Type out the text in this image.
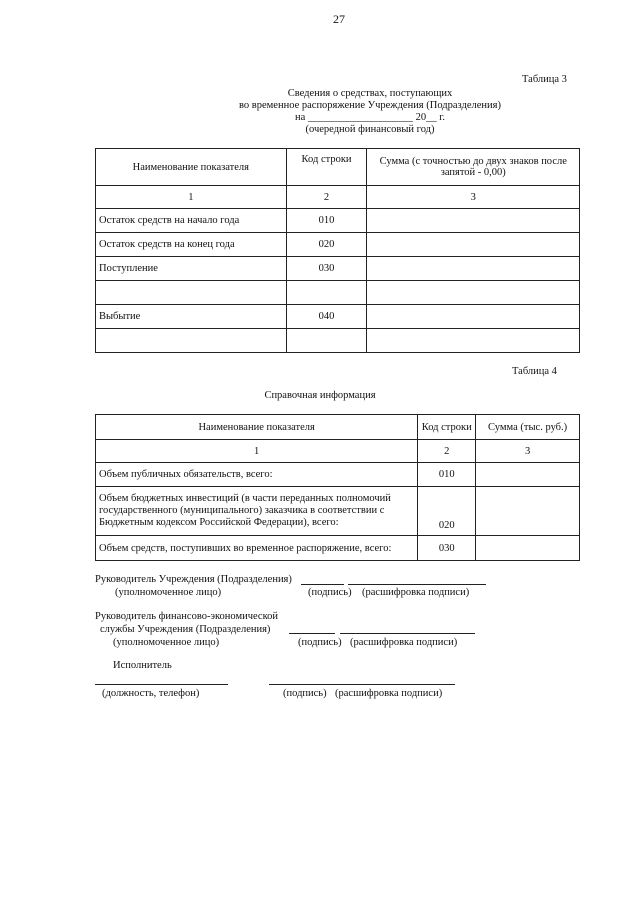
27
Таблица 3
Сведения о средствах, поступающих
во временное распоряжение Учреждения (Подразделения)
на ____________________ 20__ г.
(очередной финансовый год)
Наименование показателя	Код строки	Сумма (с точностью до двух знаков после запятой - 0,00)
1	2	3
Остаток средств на начало года	010	
Остаток средств на конец года	020	
Поступление	030	

Выбытие	040	

Таблица 4
Справочная информация
Наименование показателя	Код строки	Сумма (тыс. руб.)
1	2	3
Объем публичных обязательств, всего:	010	
Объем бюджетных инвестиций (в части переданных полномочий государственного (муниципального) заказчика в соответствии с Бюджетным кодексом Российской Федерации), всего:	020	
Объем средств, поступивших во временное распоряжение, всего:	030	
Руководитель Учреждения (Подразделения)
(уполномоченное лицо)	(подпись) (расшифровка подписи)
Руководитель финансово-экономической
службы Учреждения (Подразделения)
(уполномоченное лицо)	(подпись) (расшифровка подписи)
Исполнитель
(должность, телефон)	(подпись) (расшифровка подписи)
